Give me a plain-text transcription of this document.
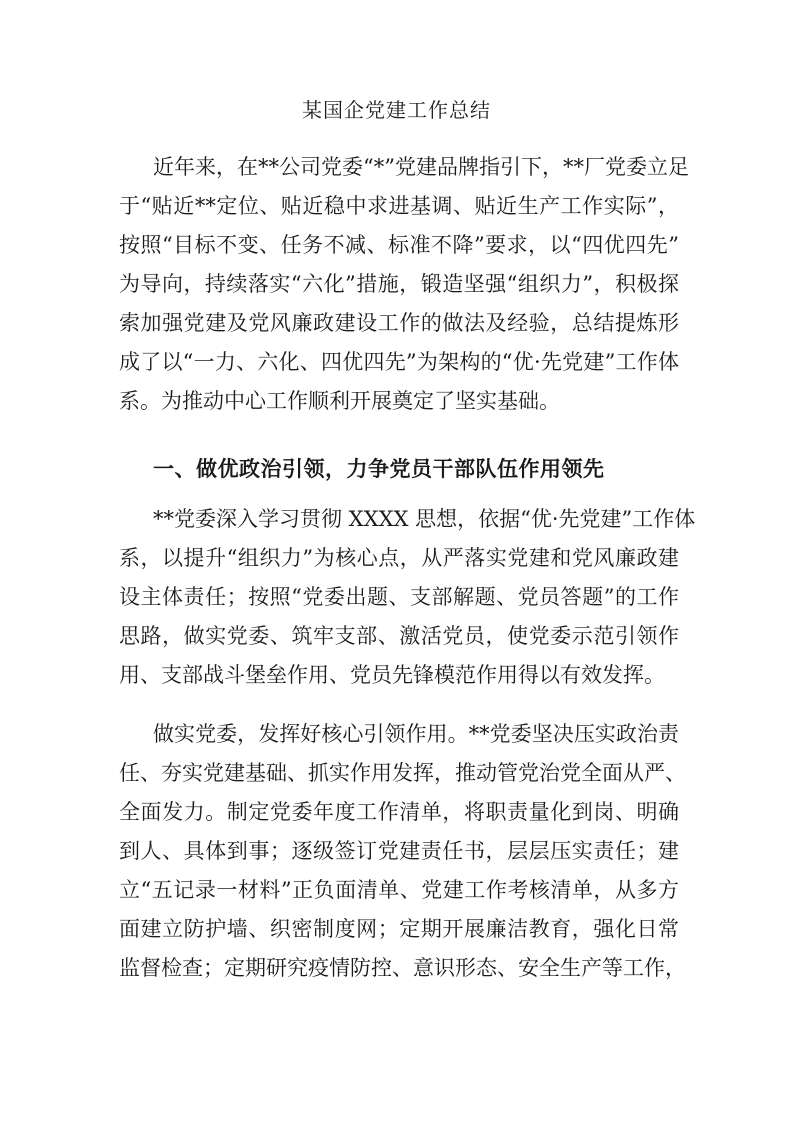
某国企党建工作总结
近年来，在**公司党委“*”党建品牌指引下，**厂党委立足
于“贴近**定位、贴近稳中求进基调、贴近生产工作实际”，
按照“目标不变、任务不减、标准不降”要求，以“四优四先”
为导向，持续落实“六化”措施，锻造坚强“组织力”，积极探
索加强党建及党风廉政建设工作的做法及经验，总结提炼形
成了以“一力、六化、四优四先”为架构的“优·先党建”工作体
系。为推动中心工作顺利开展奠定了坚实基础。
一、做优政治引领，力争党员干部队伍作用领先
**党委深入学习贯彻 XXXX 思想，依据“优·先党建”工作体
系，以提升“组织力”为核心点，从严落实党建和党风廉政建
设主体责任；按照“党委出题、支部解题、党员答题”的工作
思路，做实党委、筑牢支部、激活党员，使党委示范引领作
用、支部战斗堡垒作用、党员先锋模范作用得以有效发挥。
做实党委，发挥好核心引领作用。**党委坚决压实政治责
任、夯实党建基础、抓实作用发挥，推动管党治党全面从严、
全面发力。制定党委年度工作清单，将职责量化到岗、明确
到人、具体到事；逐级签订党建责任书，层层压实责任；建
立“五记录一材料”正负面清单、党建工作考核清单，从多方
面建立防护墙、织密制度网；定期开展廉洁教育，强化日常
监督检查；定期研究疫情防控、意识形态、安全生产等工作，
